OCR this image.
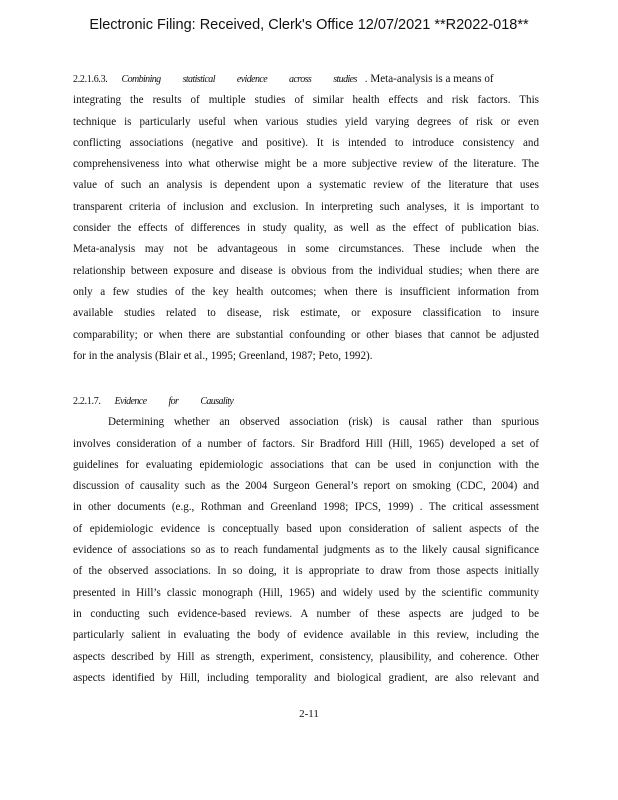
Electronic Filing: Received, Clerk's Office 12/07/2021 **R2022-018**
2.2.1.6.3. Combining statistical evidence across studies . Meta-analysis is a means of
integrating the results of multiple studies of similar health effects and risk factors. This
technique is particularly useful when various studies yield varying degrees of risk or even
conflicting associations (negative and positive). It is intended to introduce consistency and
comprehensiveness into what otherwise might be a more subjective review of the literature. The
value of such an analysis is dependent upon a systematic review of the literature that uses
transparent criteria of inclusion and exclusion. In interpreting such analyses, it is important to
consider the effects of differences in study quality, as well as the effect of publication bias.
Meta-analysis may not be advantageous in some circumstances. These include when the
relationship between exposure and disease is obvious from the individual studies; when there are
only a few studies of the key health outcomes; when there is insufficient information from
available studies related to disease, risk estimate, or exposure classification to insure
comparability; or when there are substantial confounding or other biases that cannot be adjusted
for in the analysis (Blair et al., 1995; Greenland, 1987; Peto, 1992).
2.2.1.7. Evidence for Causality
Determining whether an observed association (risk) is causal rather than spurious
involves consideration of a number of factors. Sir Bradford Hill (Hill, 1965) developed a set of
guidelines for evaluating epidemiologic associations that can be used in conjunction with the
discussion of causality such as the 2004 Surgeon General’s report on smoking (CDC, 2004) and
in other documents (e.g., Rothman and Greenland 1998; IPCS, 1999) . The critical assessment
of epidemiologic evidence is conceptually based upon consideration of salient aspects of the
evidence of associations so as to reach fundamental judgments as to the likely causal significance
of the observed associations. In so doing, it is appropriate to draw from those aspects initially
presented in Hill’s classic monograph (Hill, 1965) and widely used by the scientific community
in conducting such evidence-based reviews. A number of these aspects are judged to be
particularly salient in evaluating the body of evidence available in this review, including the
aspects described by Hill as strength, experiment, consistency, plausibility, and coherence. Other
aspects identified by Hill, including temporality and biological gradient, are also relevant and
2-11
